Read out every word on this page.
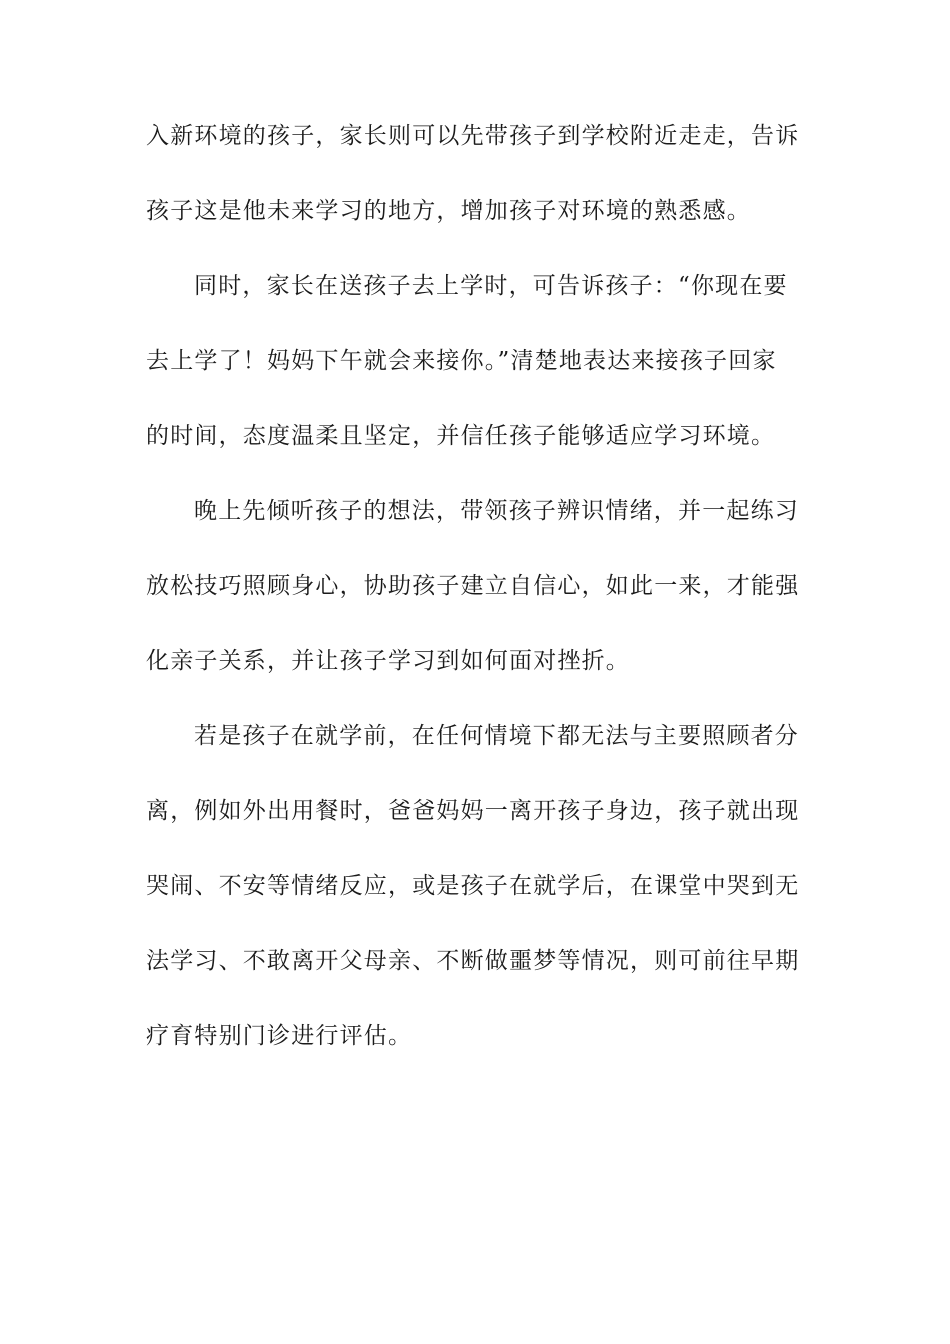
入新环境的孩子，家长则可以先带孩子到学校附近走走，告诉
孩子这是他未来学习的地方，增加孩子对环境的熟悉感。
同时，家长在送孩子去上学时，可告诉孩子：“你现在要
去上学了！妈妈下午就会来接你。”清楚地表达来接孩子回家
的时间，态度温柔且坚定，并信任孩子能够适应学习环境。
晚上先倾听孩子的想法，带领孩子辨识情绪，并一起练习
放松技巧照顾身心，协助孩子建立自信心，如此一来，才能强
化亲子关系，并让孩子学习到如何面对挫折。
若是孩子在就学前，在任何情境下都无法与主要照顾者分
离，例如外出用餐时，爸爸妈妈一离开孩子身边，孩子就出现
哭闹、不安等情绪反应，或是孩子在就学后，在课堂中哭到无
法学习、不敢离开父母亲、不断做噩梦等情况，则可前往早期
疗育特别门诊进行评估。
